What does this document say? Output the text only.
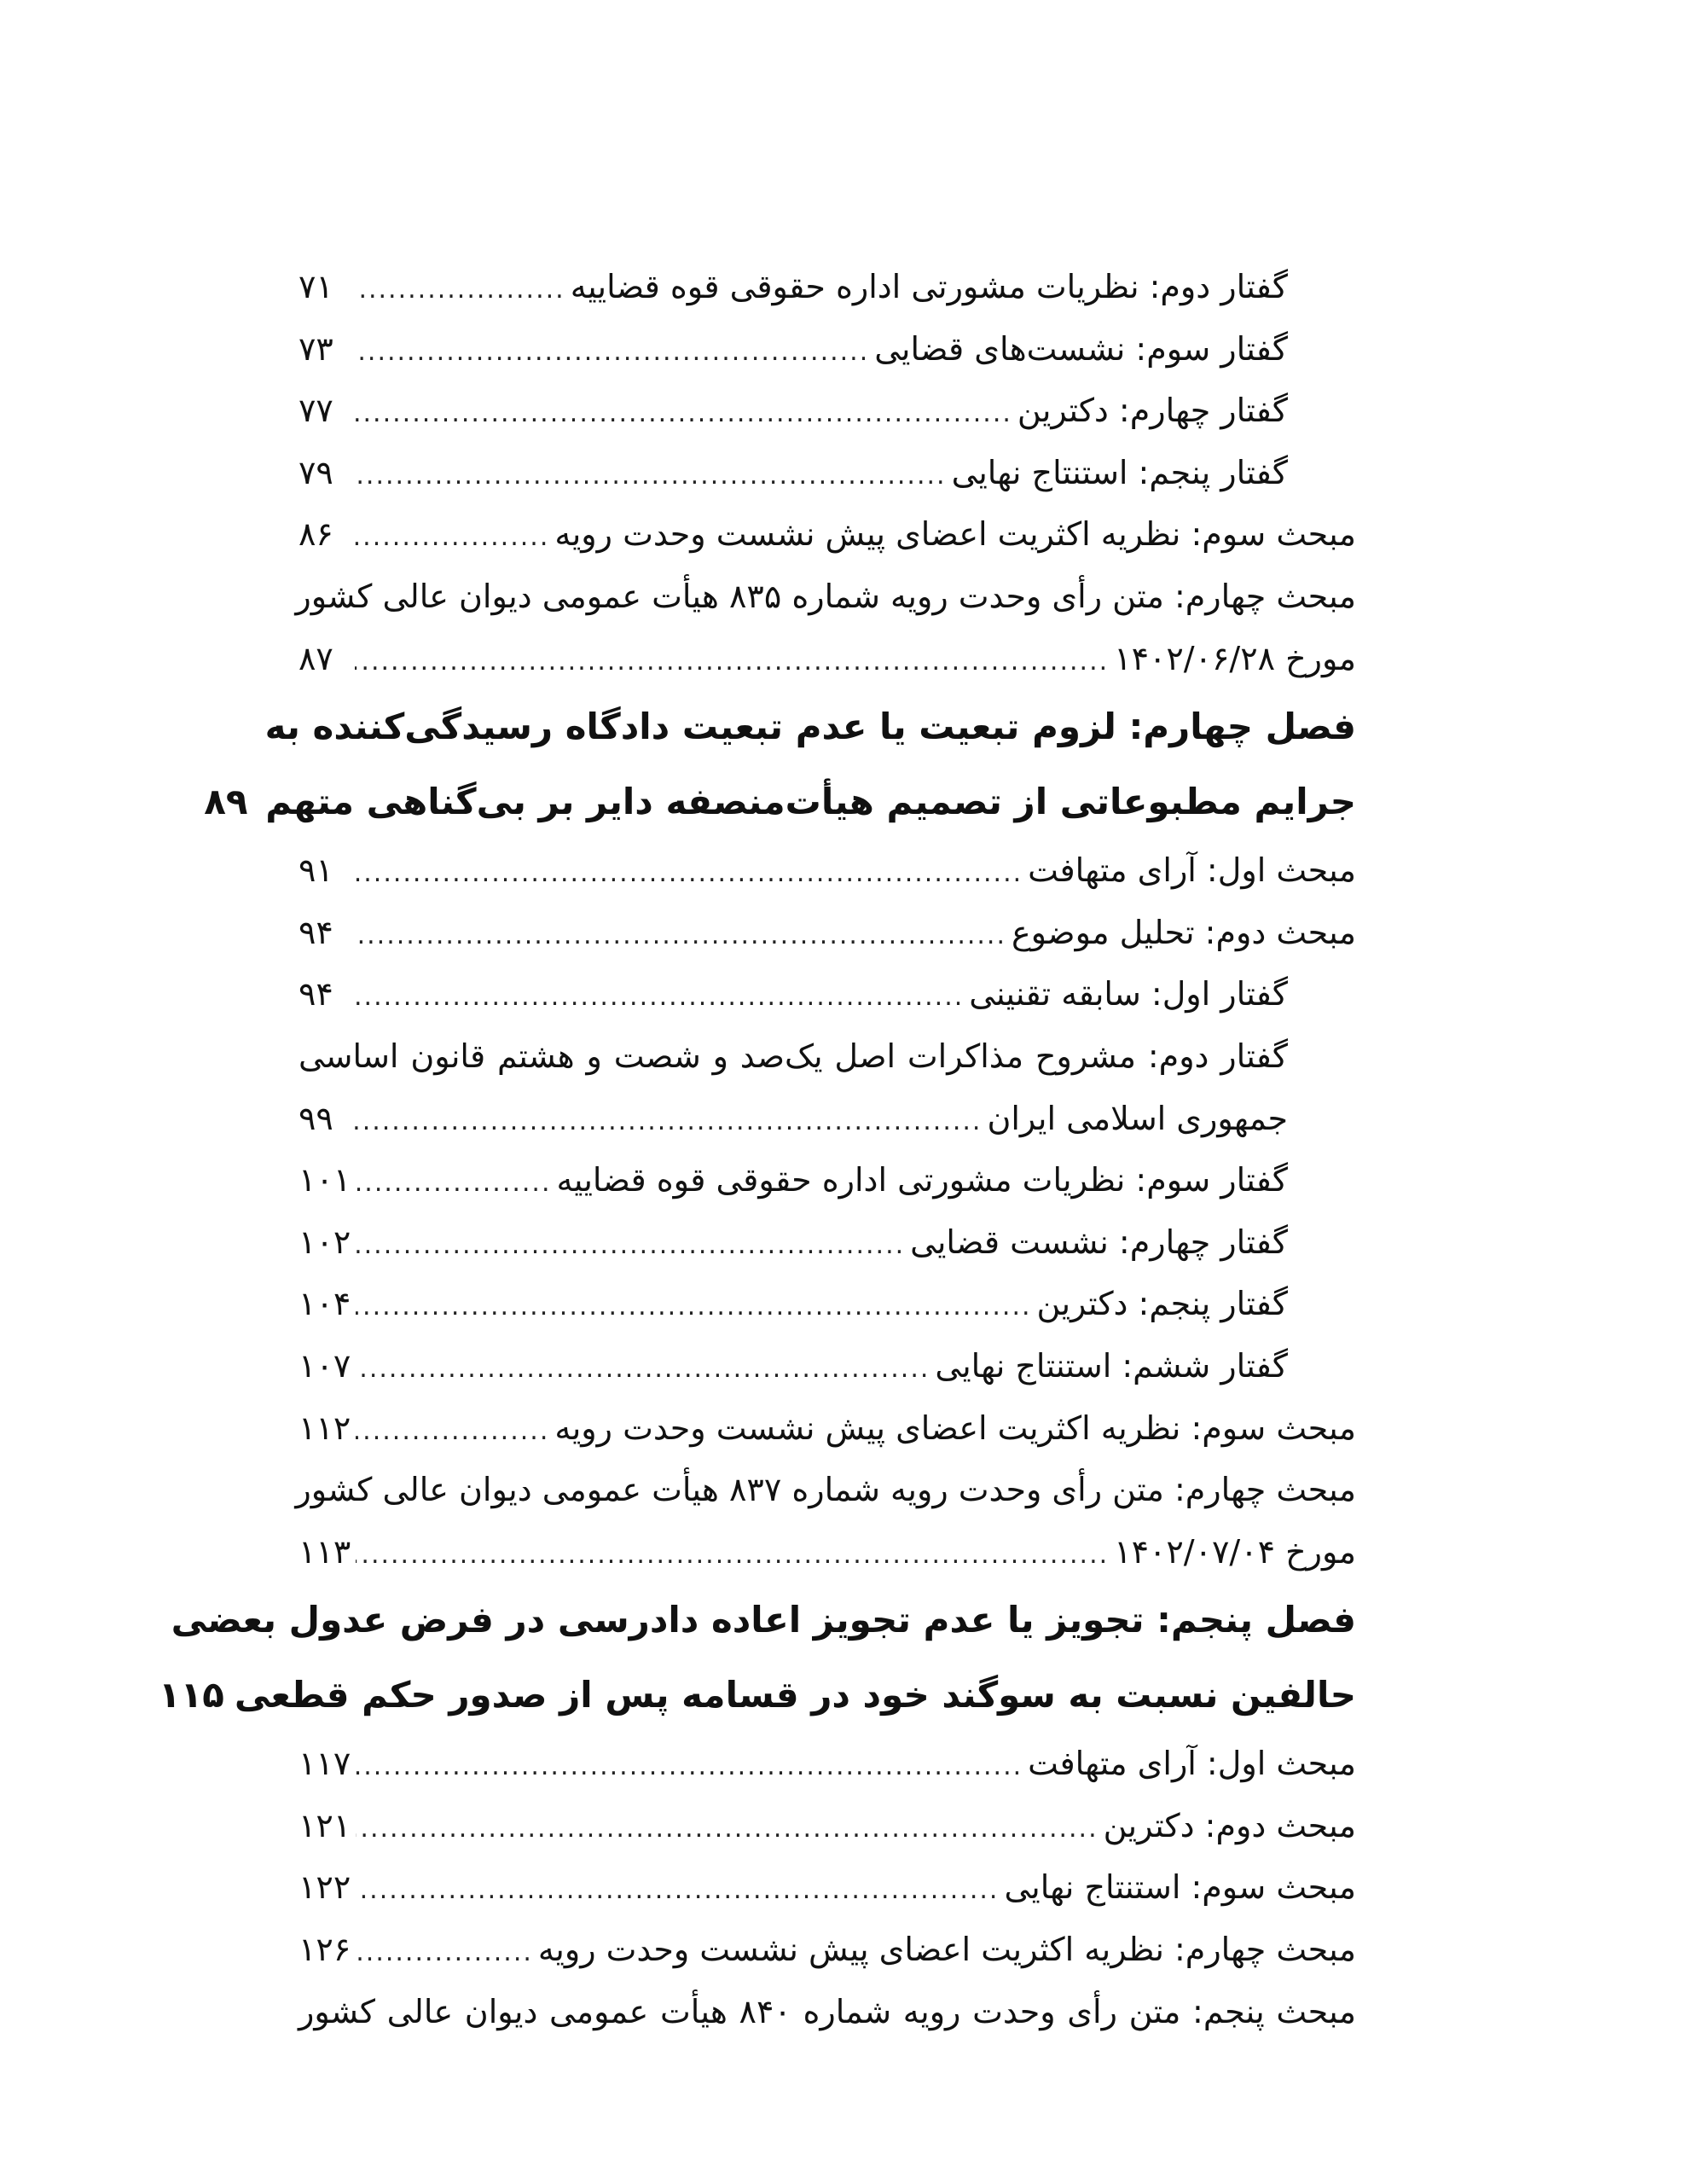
گفتار دوم: نظریات مشورتی اداره حقوقی قوه قضاییه
.....
۷۱
گفتار سوم: نشست‌های قضایی
.....
۷۳
گفتار چهارم: دکترین
.....
۷۷
گفتار پنجم: استنتاج نهایی
.....
۷۹
مبحث سوم: نظریه اکثریت اعضای پیش نشست وحدت رویه
.....
۸۶
مبحث چهارم: متن رأی وحدت رویه شماره ۸۳۵ هیأت عمومی دیوان عالی کشور
مورخ ۱۴۰۲/۰۶/۲۸
.....
۸۷
فصل چهارم: لزوم تبعیت یا عدم تبعیت دادگاه رسیدگی‌کننده به
جرایم مطبوعاتی از تصمیم هیأت‌منصفه دایر بر بی‌گناهی متهم
۸۹
مبحث اول: آرای متهافت
.....
۹۱
مبحث دوم: تحلیل موضوع
.....
۹۴
گفتار اول: سابقه تقنینی
.....
۹۴
گفتار دوم: مشروح مذاکرات اصل یک‌صد و شصت و هشتم قانون اساسی
جمهوری اسلامی ایران
.....
۹۹
گفتار سوم: نظریات مشورتی اداره حقوقی قوه قضاییه
.....
۱۰۱
گفتار چهارم: نشست قضایی
.....
۱۰۲
گفتار پنجم: دکترین
.....
۱۰۴
گفتار ششم: استنتاج نهایی
.....
۱۰۷
مبحث سوم: نظریه اکثریت اعضای پیش نشست وحدت رویه
.....
۱۱۲
مبحث چهارم: متن رأی وحدت رویه شماره ۸۳۷ هیأت عمومی دیوان عالی کشور
مورخ ۱۴۰۲/۰۷/۰۴
.....
۱۱۳
فصل پنجم: تجویز یا عدم تجویز اعاده دادرسی در فرض عدول بعضی
حالفین نسبت به سوگند خود در قسامه پس از صدور حکم قطعی
۱۱۵
مبحث اول: آرای متهافت
.....
۱۱۷
مبحث دوم: دکترین
.....
۱۲۱
مبحث سوم: استنتاج نهایی
.....
۱۲۲
مبحث چهارم: نظریه اکثریت اعضای پیش نشست وحدت رویه
.....
۱۲۶
مبحث پنجم: متن رأی وحدت رویه شماره ۸۴۰ هیأت عمومی دیوان عالی کشور
